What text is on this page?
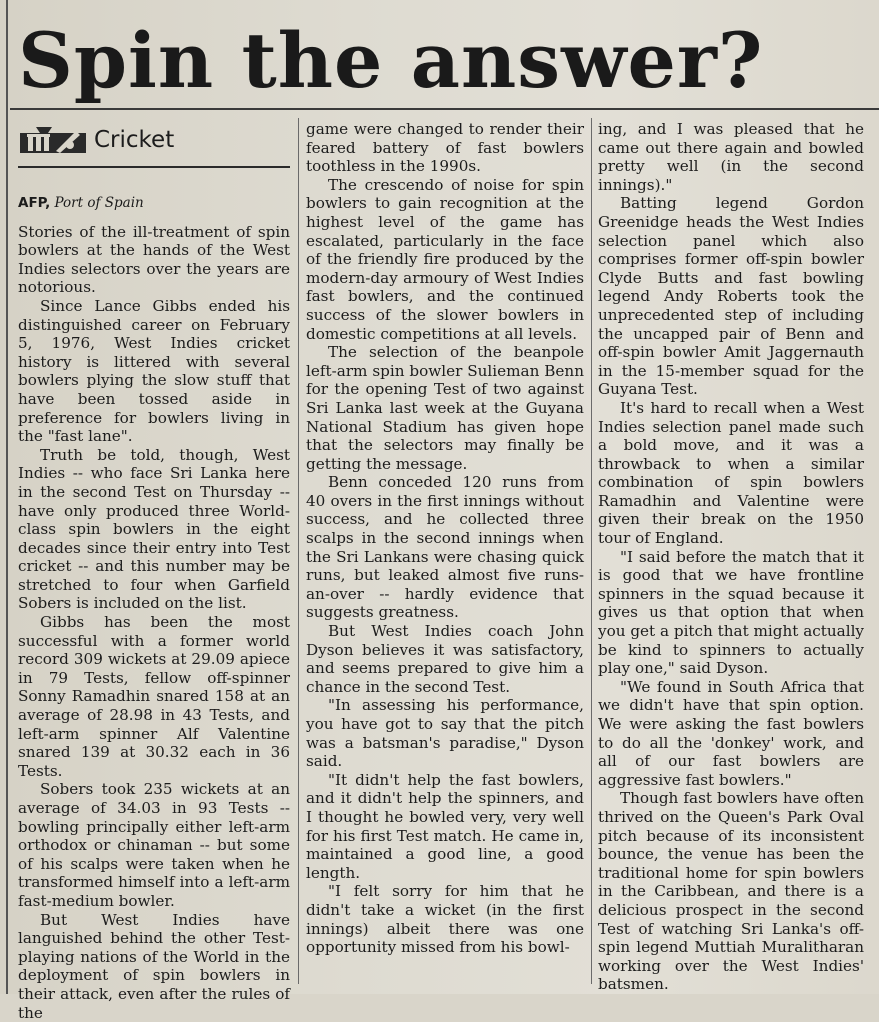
Spin the answer?
Cricket
AFP, Port of Spain

Stories of the ill-treatment of spin bowlers at the hands of the West Indies selectors over the years are notorious.

Since Lance Gibbs ended his distinguished career on February 5, 1976, West Indies cricket history is littered with several bowlers plying the slow stuff that have been tossed aside in preference for bowlers living in the "fast lane".

Truth be told, though, West Indies -- who face Sri Lanka here in the second Test on Thursday -- have only produced three World-class spin bowlers in the eight decades since their entry into Test cricket -- and this number may be stretched to four when Garfield Sobers is included on the list.

Gibbs has been the most successful with a former world record 309 wickets at 29.09 apiece in 79 Tests, fellow off-spinner Sonny Ramadhin snared 158 at an average of 28.98 in 43 Tests, and left-arm spinner Alf Valentine snared 139 at 30.32 each in 36 Tests.

Sobers took 235 wickets at an average of 34.03 in 93 Tests -- bowling principally either left-arm orthodox or chinaman -- but some of his scalps were taken when he transformed himself into a left-arm fast-medium bowler.

But West Indies have languished behind the other Test-playing nations of the World in the deployment of spin bowlers in their attack, even after the rules of the

game were changed to render their feared battery of fast bowlers toothless in the 1990s.

The crescendo of noise for spin bowlers to gain recognition at the highest level of the game has escalated, particularly in the face of the friendly fire produced by the modern-day armoury of West Indies fast bowlers, and the continued success of the slower bowlers in domestic competitions at all levels.

The selection of the beanpole left-arm spin bowler Sulieman Benn for the opening Test of two against Sri Lanka last week at the Guyana National Stadium has given hope that the selectors may finally be getting the message.

Benn conceded 120 runs from 40 overs in the first innings without success, and he collected three scalps in the second innings when the Sri Lankans were chasing quick runs, but leaked almost five runs-an-over -- hardly evidence that suggests greatness.

But West Indies coach John Dyson believes it was satisfactory, and seems prepared to give him a chance in the second Test.

"In assessing his performance, you have got to say that the pitch was a batsman's paradise," Dyson said.

"It didn't help the fast bowlers, and it didn't help the spinners, and I thought he bowled very, very well for his first Test match. He came in, maintained a good line, a good length.

"I felt sorry for him that he didn't take a wicket (in the first innings) albeit there was one opportunity missed from his bowl-

ing, and I was pleased that he came out there again and bowled pretty well (in the second innings)."

Batting legend Gordon Greenidge heads the West Indies selection panel which also comprises former off-spin bowler Clyde Butts and fast bowling legend Andy Roberts took the unprecedented step of including the uncapped pair of Benn and off-spin bowler Amit Jaggernauth in the 15-member squad for the Guyana Test.

It's hard to recall when a West Indies selection panel made such a bold move, and it was a throwback to when a similar combination of spin bowlers Ramadhin and Valentine were given their break on the 1950 tour of England.

"I said before the match that it is good that we have frontline spinners in the squad because it gives us that option that when you get a pitch that might actually be kind to spinners to actually play one," said Dyson.

"We found in South Africa that we didn't have that spin option. We were asking the fast bowlers to do all the 'donkey' work, and all of our fast bowlers are aggressive fast bowlers."

Though fast bowlers have often thrived on the Queen's Park Oval pitch because of its inconsistent bounce, the venue has been the traditional home for spin bowlers in the Caribbean, and there is a delicious prospect in the second Test of watching Sri Lanka's off-spin legend Muttiah Muralitharan working over the West Indies' batsmen.
